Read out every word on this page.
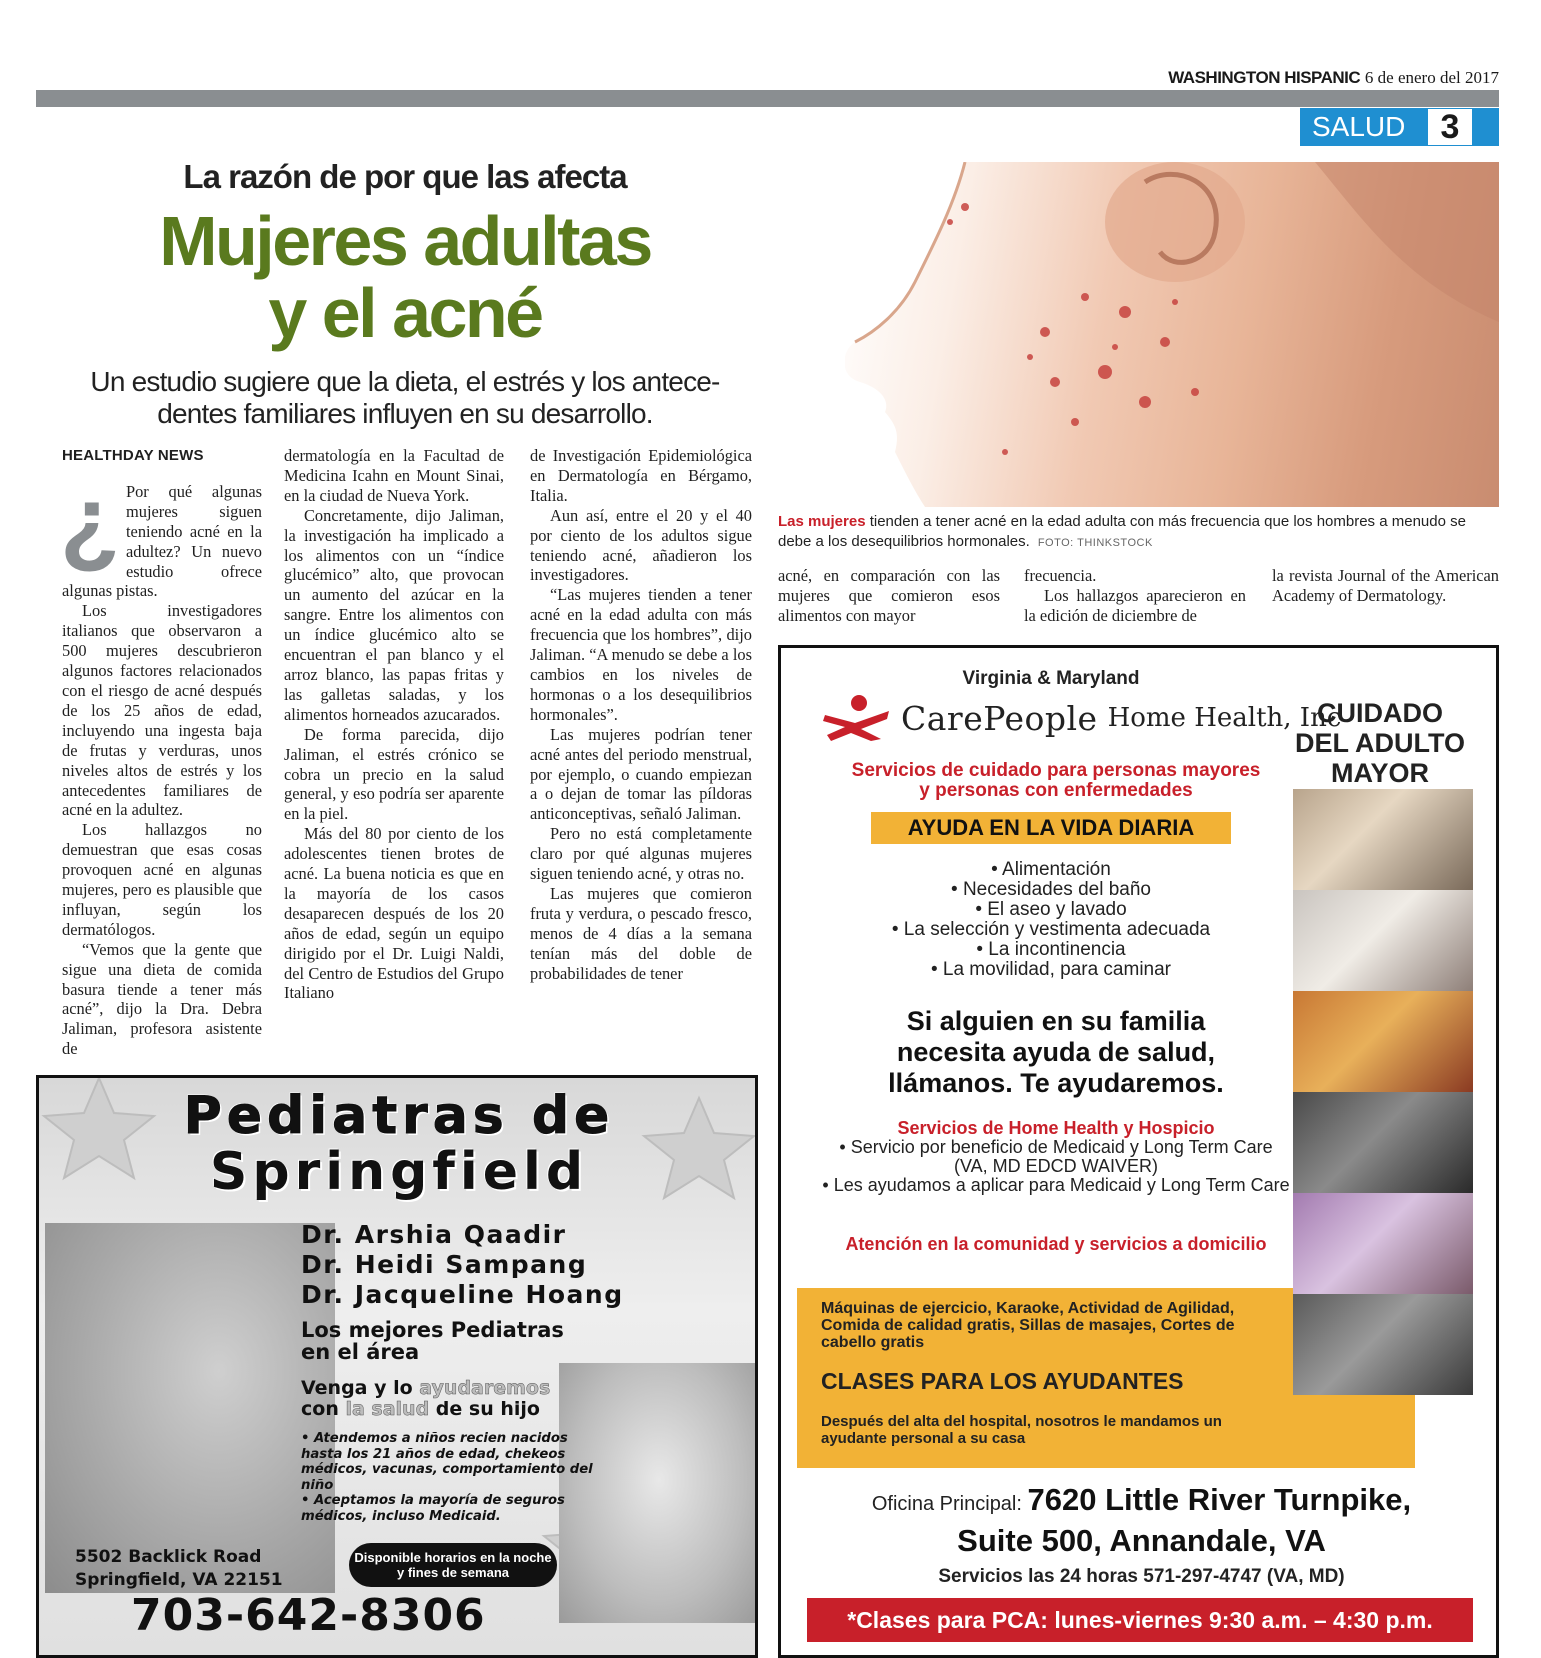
WASHINGTON HISPANIC 6 de enero del 2017
SALUD	3
La razón de por que las afecta
Mujeres adultas
y el acné
Un estudio sugiere que la dieta, el estrés y los antece-
dentes familiares influyen en su desarrollo.
Las mujeres tienden a tener acné en la edad adulta con más frecuencia que los hombres a menudo se debe a los desequilibrios hormonales. FOTO: THINKSTOCK
HEALTHDAY NEWS
¿ Por qué algunas mujeres siguen teniendo acné en la adultez? Un nuevo estudio ofrece algunas pistas.

Los investigadores italianos que observaron a 500 mujeres descubrieron algunos factores relacionados con el riesgo de acné después de los 25 años de edad, incluyendo una ingesta baja de frutas y verduras, unos niveles altos de estrés y los antecedentes familiares de acné en la adultez.

Los hallazgos no demuestran que esas cosas provoquen acné en algunas mujeres, pero es plausible que influyan, según los dermatólogos.

“Vemos que la gente que sigue una dieta de comida basura tiende a tener más acné”, dijo la Dra. Debra Jaliman, profesora asistente de

dermatología en la Facultad de Medicina Icahn en Mount Sinai, en la ciudad de Nueva York.

Concretamente, dijo Jaliman, la investigación ha implicado a los alimentos con un “índice glucémico” alto, que provocan un aumento del azúcar en la sangre. Entre los alimentos con un índice glucémico alto se encuentran el pan blanco y el arroz blanco, las papas fritas y las galletas saladas, y los alimentos horneados azucarados.

De forma parecida, dijo Jaliman, el estrés crónico se cobra un precio en la salud general, y eso podría ser aparente en la piel.

Más del 80 por ciento de los adolescentes tienen brotes de acné. La buena noticia es que en la mayoría de los casos desaparecen después de los 20 años de edad, según un equipo dirigido por el Dr. Luigi Naldi, del Centro de Estudios del Grupo Italiano

de Investigación Epidemiológica en Dermatología en Bérgamo, Italia.

Aun así, entre el 20 y el 40 por ciento de los adultos sigue teniendo acné, añadieron los investigadores.

“Las mujeres tienden a tener acné en la edad adulta con más frecuencia que los hombres”, dijo Jaliman. “A menudo se debe a los cambios en los niveles de hormonas o a los desequilibrios hormonales”.

Las mujeres podrían tener acné antes del periodo menstrual, por ejemplo, o cuando empiezan a o dejan de tomar las píldoras anticonceptivas, señaló Jaliman.

Pero no está completamente claro por qué algunas mujeres siguen teniendo acné, y otras no.

Las mujeres que comieron fruta y verdura, o pescado fresco, menos de 4 días a la semana tenían más del doble de probabilidades de tener

acné, en comparación con las mujeres que comieron esos alimentos con mayor

frecuencia.

Los hallazgos aparecieron en la edición de diciembre de

la revista Journal of the American Academy of Dermatology.

Pediatras de
Springfield
Dr. Arshia Qaadir
Dr. Heidi Sampang
Dr. Jacqueline Hoang
Los mejores Pediatras
en el área
Venga y lo ayudaremos
con la salud de su hijo
• Atendemos a niños recien nacidos hasta los 21 años de edad, chekeos médicos, vacunas, comportamiento del niño
• Aceptamos la mayoría de seguros médicos, incluso Medicaid.
5502 Backlick Road
Springfield, VA 22151
Disponible horarios en la noche y fines de semana
703-642-8306
Virginia & Maryland
CarePeople Home Health, Inc
Servicios de cuidado para personas mayores
y personas con enfermedades
AYUDA EN LA VIDA DIARIA
• Alimentación
• Necesidades del baño
• El aseo y lavado
• La selección y vestimenta adecuada
• La incontinencia
• La movilidad, para caminar
Si alguien en su familia
necesita ayuda de salud,
llámanos. Te ayudaremos.
Servicios de Home Health y Hospicio
• Servicio por beneficio de Medicaid y Long Term Care (VA, MD EDCD WAIVER)
• Les ayudamos a aplicar para Medicaid y Long Term Care
Atención en la comunidad y servicios a domicilio
Máquinas de ejercicio, Karaoke, Actividad de Agilidad, Comida de calidad gratis, Sillas de masajes, Cortes de cabello gratis
CLASES PARA LOS AYUDANTES
Después del alta del hospital, nosotros le mandamos un ayudante personal a su casa
CUIDADO
DEL ADULTO
MAYOR
Oficina Principal: 7620 Little River Turnpike,
Suite 500, Annandale, VA
Servicios las 24 horas 571-297-4747 (VA, MD)
*Clases para PCA: lunes-viernes 9:30 a.m. – 4:30 p.m.
